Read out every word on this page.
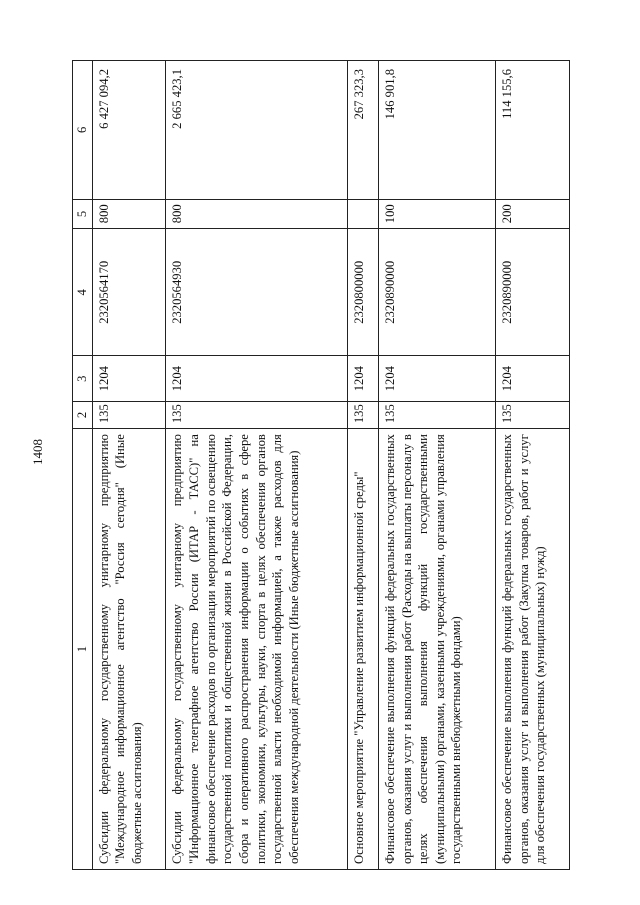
1408
1	2	3	4	5	6
Субсидии федеральному государственному унитарному предприятию "Международное информационное агентство "Россия сегодня" (Иные бюджетные ассигнования)	135	1204	2320564170	800	6 427 094,2
Субсидии федеральному государственному унитарному предприятию "Информационное телеграфное агентство России (ИТАР - ТАСС)" на финансовое обеспечение расходов по организации мероприятий по освещению государственной политики и общественной жизни в Российской Федерации, сбора и оперативного распространения информации о событиях в сфере политики, экономики, культуры, науки, спорта в целях обеспечения органов государственной власти необходимой информацией, а также расходов для обеспечения международной деятельности (Иные бюджетные ассигнования)	135	1204	2320564930	800	2 665 423,1
Основное мероприятие "Управление развитием информационной среды"	135	1204	2320800000		267 323,3
Финансовое обеспечение выполнения функций федеральных государственных органов, оказания услуг и выполнения работ (Расходы на выплаты персоналу в целях обеспечения выполнения функций государственными (муниципальными) органами, казенными учреждениями, органами управления государственными внебюджетными фондами)	135	1204	2320890000	100	146 901,8
Финансовое обеспечение выполнения функций федеральных государственных органов, оказания услуг и выполнения работ (Закупка товаров, работ и услуг для обеспечения государственных (муниципальных) нужд)	135	1204	2320890000	200	114 155,6
